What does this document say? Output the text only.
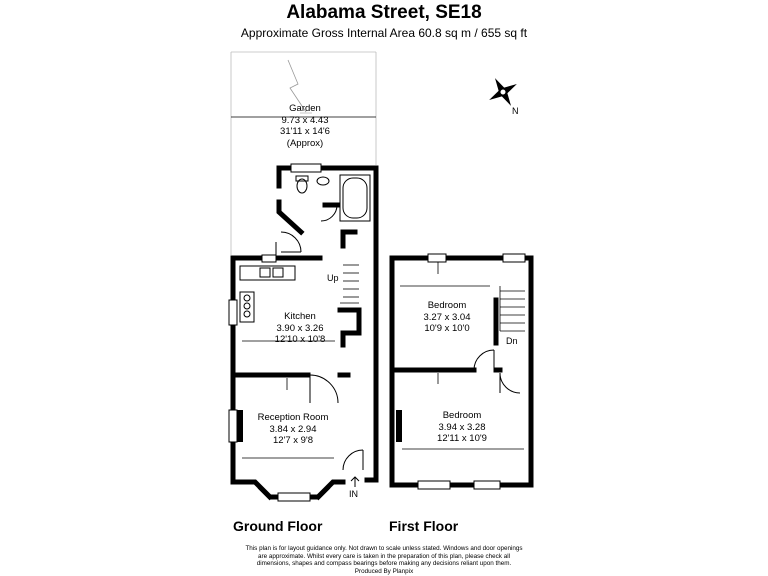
Alabama Street, SE18
Approximate Gross Internal Area 60.8 sq m / 655 sq ft
N
Garden
9.73 x 4.43
31'11 x 14'6
(Approx)
Kitchen
3.90 x 3.26
12'10 x 10'8
Reception Room
3.84 x 2.94
12'7 x 9'8
Up
IN
Bedroom
3.27 x 3.04
10'9 x 10'0
Bedroom
3.94 x 3.28
12'11 x 10'9
Dn
Ground Floor	First Floor
This plan is for layout guidance only. Not drawn to scale unless stated. Windows and door openings
are approximate. Whilst every care is taken in the preparation of this plan, please check all
dimensions, shapes and compass bearings before making any decisions reliant upon them.
Produced By Planpix
